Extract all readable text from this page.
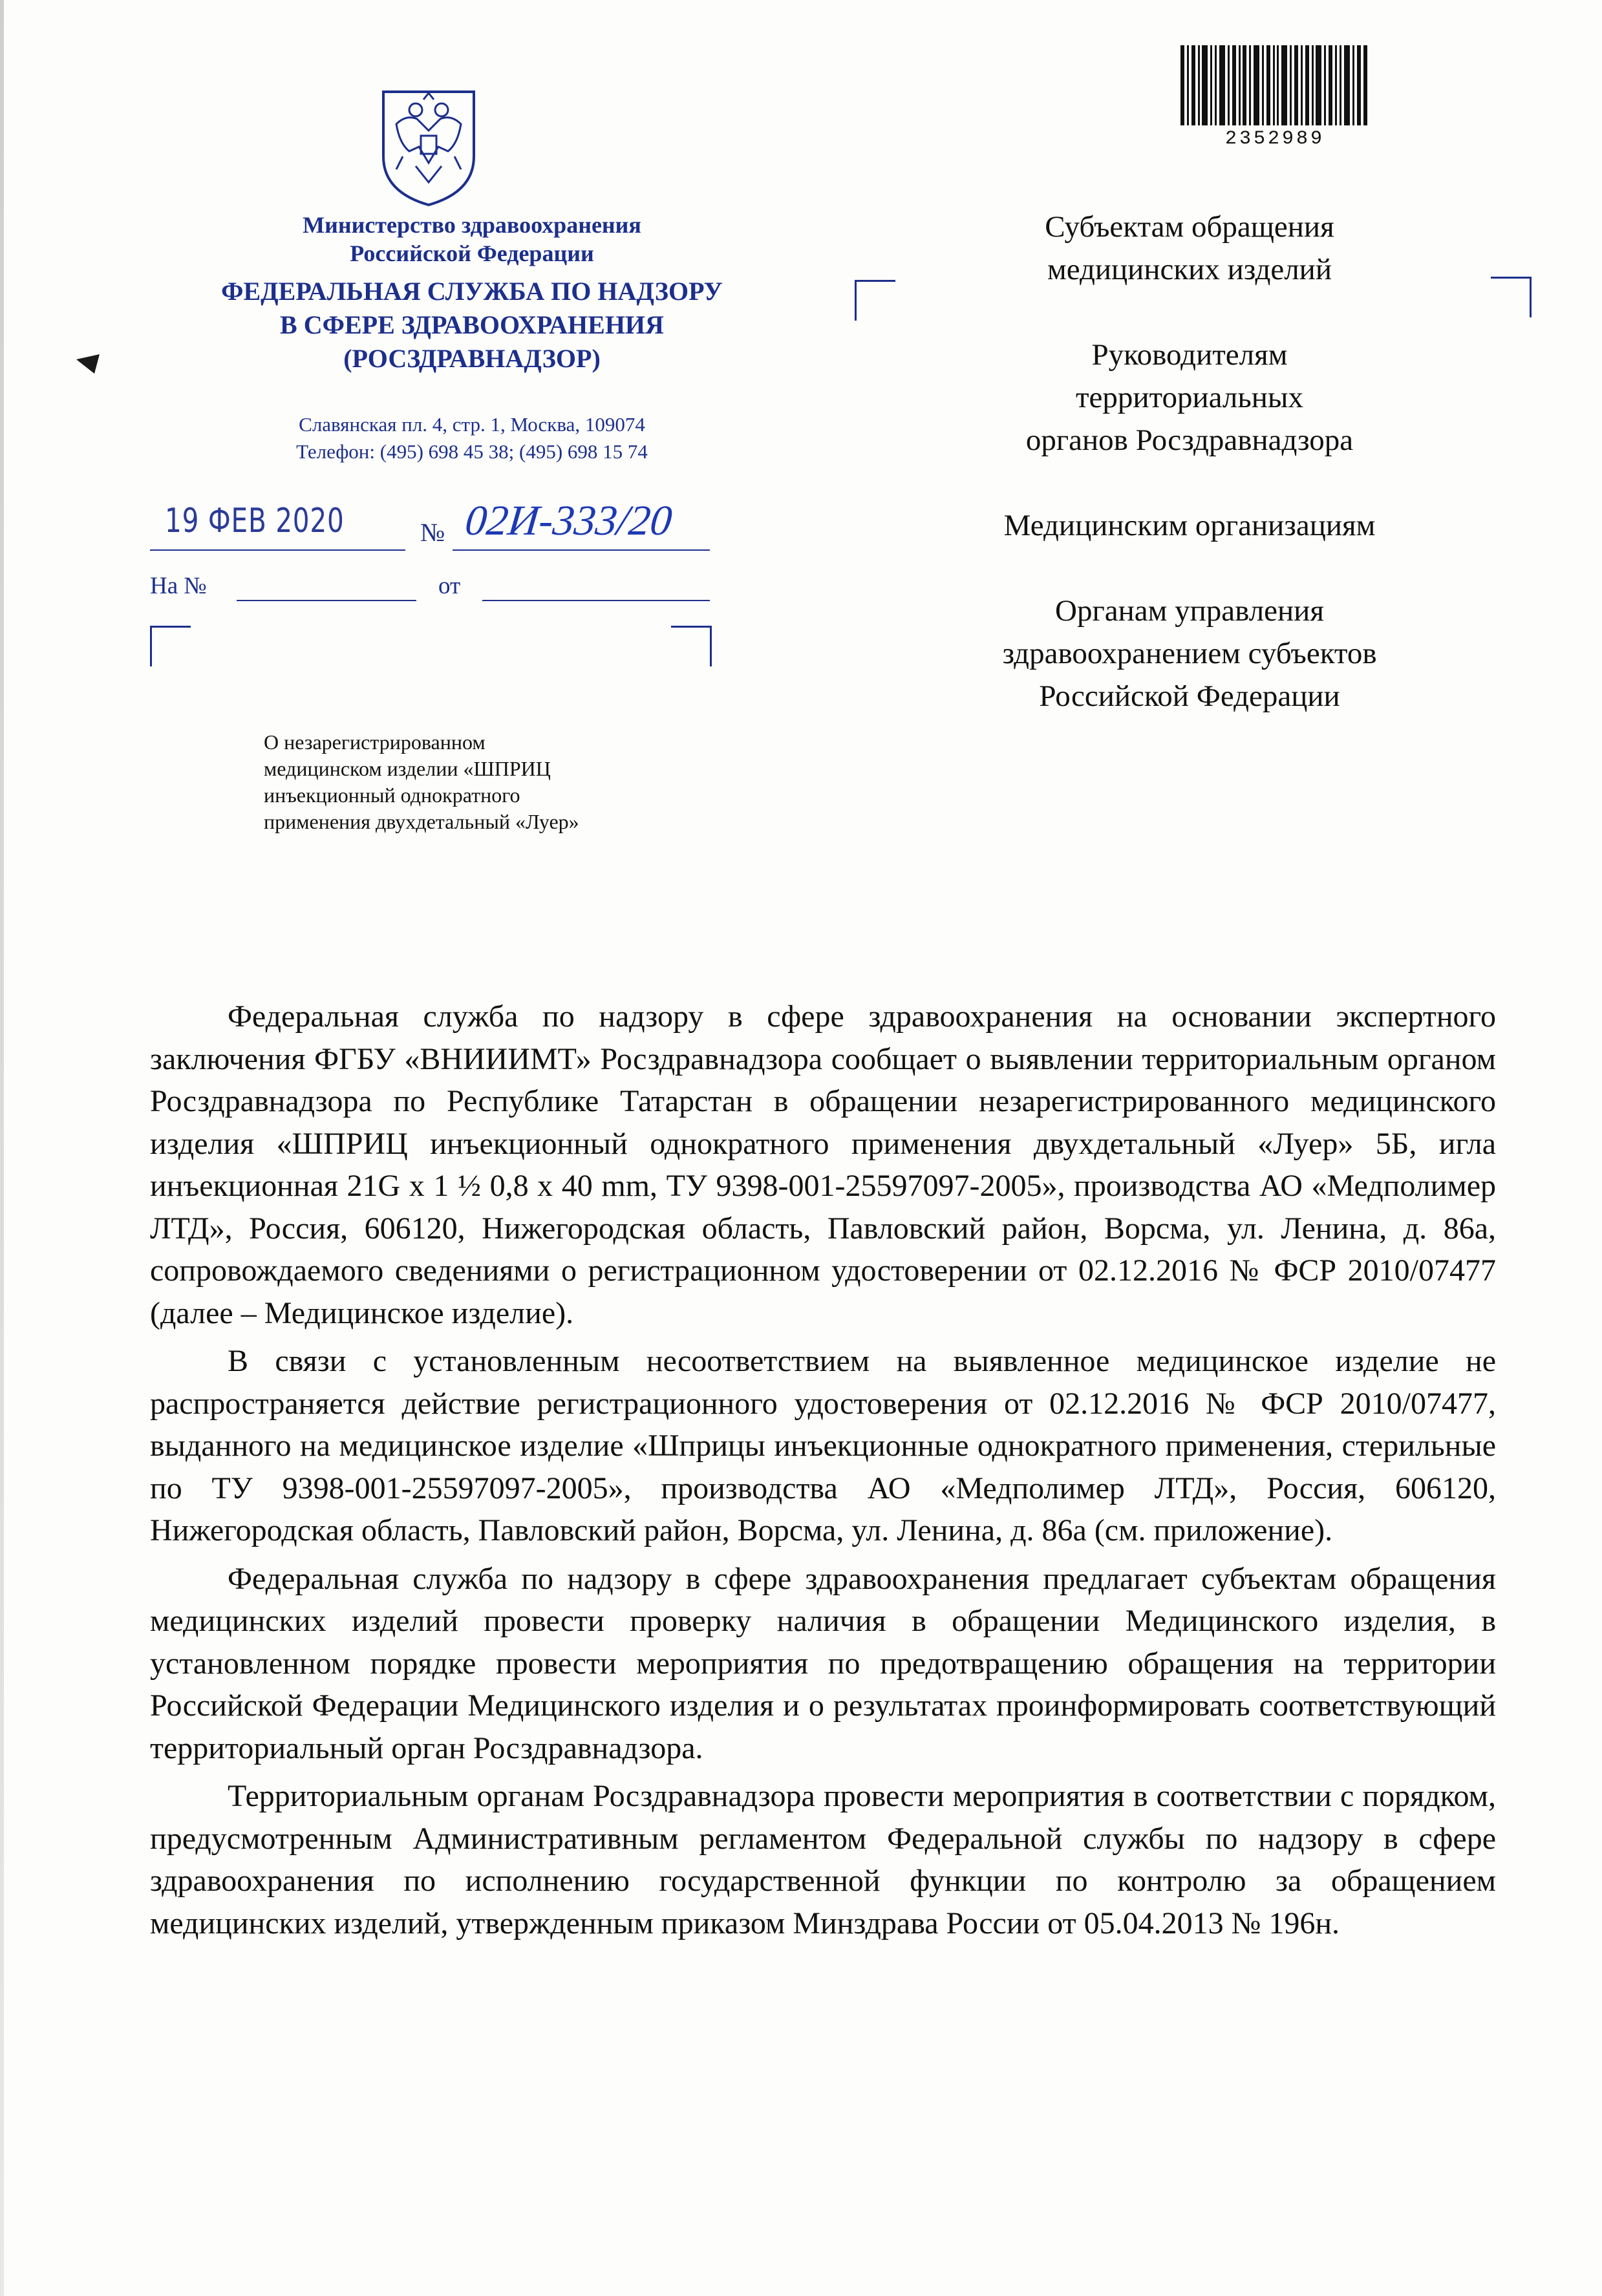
Министерство здравоохранения
Российской Федерации
ФЕДЕРАЛЬНАЯ СЛУЖБА ПО НАДЗОРУ
В СФЕРЕ ЗДРАВООХРАНЕНИЯ
(РОСЗДРАВНАДЗОР)
Славянская пл. 4, стр. 1, Москва, 109074
Телефон: (495) 698 45 38; (495) 698 15 74
19 ФЕВ 2020	№ 02И-333/20
На №	от
О незарегистрированном
медицинском изделии «ШПРИЦ
инъекционный однократного
применения двухдетальный «Луер»
2352989
Субъектам обращения
медицинских изделий
Руководителям
территориальных
органов Росздравнадзора
Медицинским организациям
Органам управления
здравоохранением субъектов
Российской Федерации

Федеральная служба по надзору в сфере здравоохранения на основании экспертного заключения ФГБУ «ВНИИИМТ» Росздравнадзора сообщает о выявлении территориальным органом Росздравнадзора по Республике Татарстан в обращении незарегистрированного медицинского изделия «ШПРИЦ инъекционный однократного применения двухдетальный «Луер» 5Б, игла инъекционная 21G x 1 ½ 0,8 x 40 mm, ТУ 9398-001-25597097-2005», производства АО «Медполимер ЛТД», Россия, 606120, Нижегородская область, Павловский район, Ворсма, ул. Ленина, д. 86а, сопровождаемого сведениями о регистрационном удостоверении от 02.12.2016 № ФСР 2010/07477 (далее – Медицинское изделие).

В связи с установленным несоответствием на выявленное медицинское изделие не распространяется действие регистрационного удостоверения от 02.12.2016 № ФСР 2010/07477, выданного на медицинское изделие «Шприцы инъекционные однократного применения, стерильные по ТУ 9398-001-25597097-2005», производства АО «Медполимер ЛТД», Россия, 606120, Нижегородская область, Павловский район, Ворсма, ул. Ленина, д. 86а (см. приложение).

Федеральная служба по надзору в сфере здравоохранения предлагает субъектам обращения медицинских изделий провести проверку наличия в обращении Медицинского изделия, в установленном порядке провести мероприятия по предотвращению обращения на территории Российской Федерации Медицинского изделия и о результатах проинформировать соответствующий территориальный орган Росздравнадзора.

Территориальным органам Росздравнадзора провести мероприятия в соответствии с порядком, предусмотренным Административным регламентом Федеральной службы по надзору в сфере здравоохранения по исполнению государственной функции по контролю за обращением медицинских изделий, утвержденным приказом Минздрава России от 05.04.2013 № 196н.
